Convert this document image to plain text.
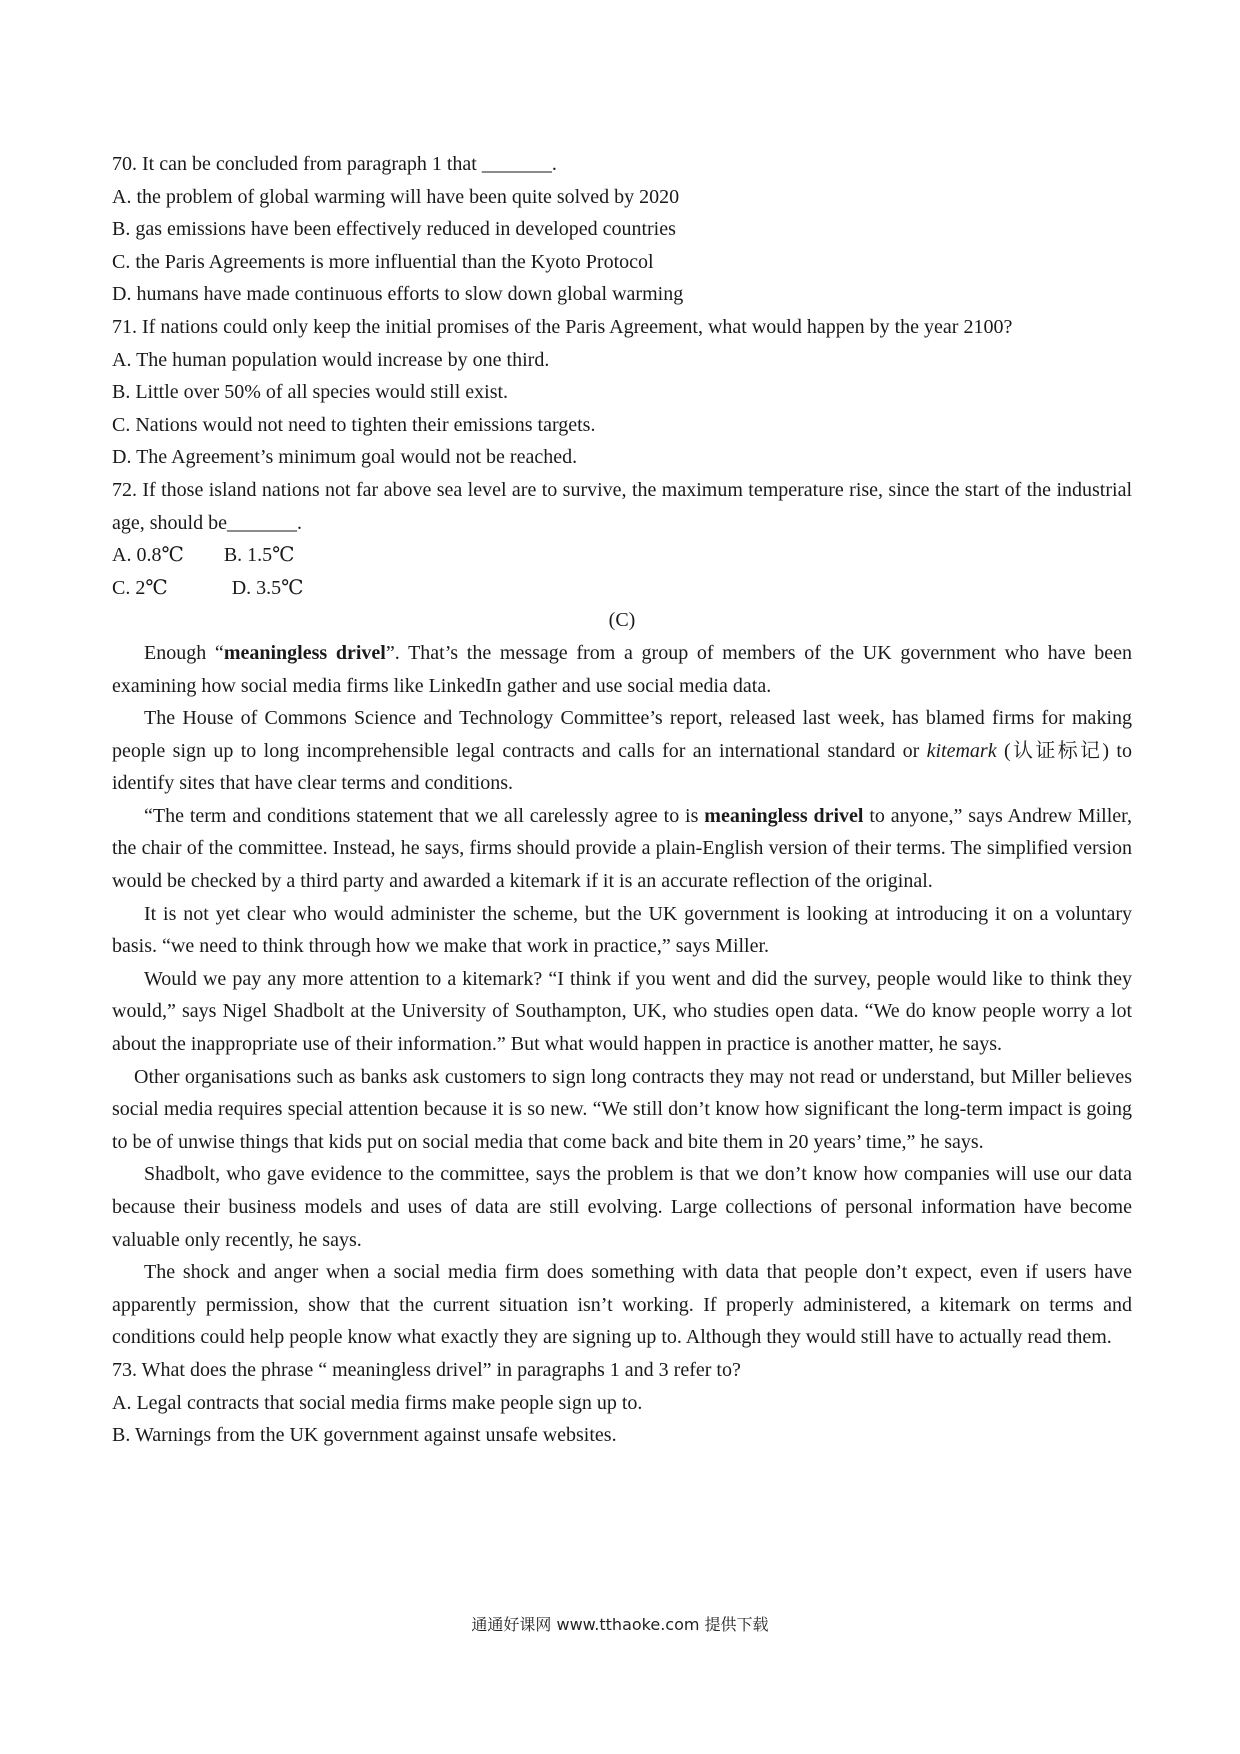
70. It can be concluded from paragraph 1 that _______.
A. the problem of global warming will have been quite solved by 2020
B. gas emissions have been effectively reduced in developed countries
C. the Paris Agreements is more influential than the Kyoto Protocol
D. humans have made continuous efforts to slow down global warming
71. If nations could only keep the initial promises of the Paris Agreement, what would happen by the year 2100?
A. The human population would increase by one third.
B. Little over 50% of all species would still exist.
C. Nations would not need to tighten their emissions targets.
D. The Agreement’s minimum goal would not be reached.
72. If those island nations not far above sea level are to survive, the maximum temperature rise, since the start of the industrial age, should be_______.
A. 0.8℃ B. 1.5℃
C. 2℃	D. 3.5℃
(C)
Enough “meaningless drivel”. That’s the message from a group of members of the UK government who have been examining how social media firms like LinkedIn gather and use social media data.
The House of Commons Science and Technology Committee’s report, released last week, has blamed firms for making people sign up to long incomprehensible legal contracts and calls for an international standard or kitemark (认证标记) to identify sites that have clear terms and conditions.
“The term and conditions statement that we all carelessly agree to is meaningless drivel to anyone,” says Andrew Miller, the chair of the committee. Instead, he says, firms should provide a plain-English version of their terms. The simplified version would be checked by a third party and awarded a kitemark if it is an accurate reflection of the original.
It is not yet clear who would administer the scheme, but the UK government is looking at introducing it on a voluntary basis. “we need to think through how we make that work in practice,” says Miller.
Would we pay any more attention to a kitemark? “I think if you went and did the survey, people would like to think they would,” says Nigel Shadbolt at the University of Southampton, UK, who studies open data. “We do know people worry a lot about the inappropriate use of their information.” But what would happen in practice is another matter, he says.
Other organisations such as banks ask customers to sign long contracts they may not read or understand, but Miller believes social media requires special attention because it is so new. “We still don’t know how significant the long-term impact is going to be of unwise things that kids put on social media that come back and bite them in 20 years’ time,” he says.
Shadbolt, who gave evidence to the committee, says the problem is that we don’t know how companies will use our data because their business models and uses of data are still evolving. Large collections of personal information have become valuable only recently, he says.
The shock and anger when a social media firm does something with data that people don’t expect, even if users have apparently permission, show that the current situation isn’t working. If properly administered, a kitemark on terms and conditions could help people know what exactly they are signing up to. Although they would still have to actually read them.
73. What does the phrase “ meaningless drivel” in paragraphs 1 and 3 refer to?
A. Legal contracts that social media firms make people sign up to.
B. Warnings from the UK government against unsafe websites.
通通好课网 www.tthaoke.com 提供下载
